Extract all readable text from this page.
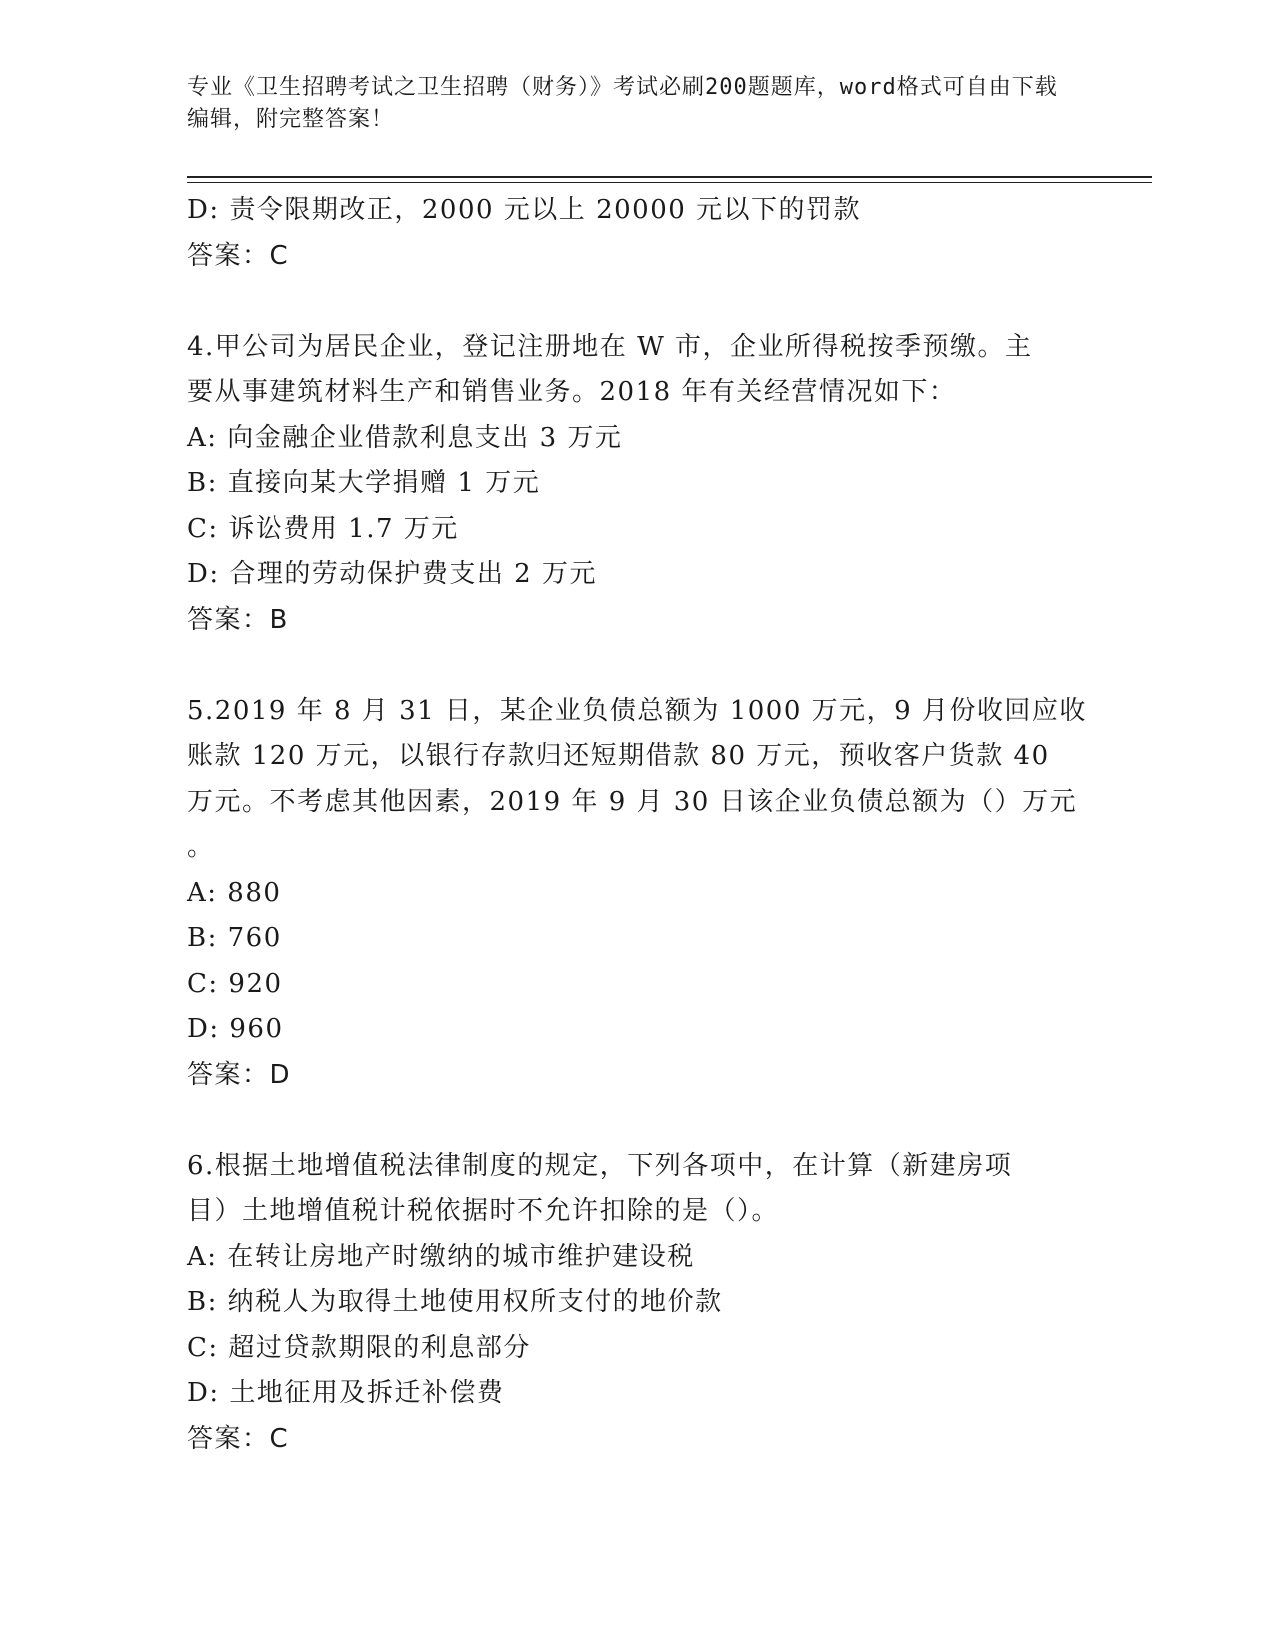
专业《卫生招聘考试之卫生招聘（财务）》考试必刷200题题库，word格式可自由下载编辑，附完整答案！
D: 责令限期改正，2000 元以上 20000 元以下的罚款
答案：C
4.甲公司为居民企业，登记注册地在 W 市，企业所得税按季预缴。主
要从事建筑材料生产和销售业务。2018 年有关经营情况如下：
A: 向金融企业借款利息支出 3 万元
B: 直接向某大学捐赠 1 万元
C: 诉讼费用 1.7 万元
D: 合理的劳动保护费支出 2 万元
答案：B
5.2019 年 8 月 31 日，某企业负债总额为 1000 万元，9 月份收回应收
账款 120 万元，以银行存款归还短期借款 80 万元，预收客户货款 40
万元。不考虑其他因素，2019 年 9 月 30 日该企业负债总额为（）万元
。
A: 880
B: 760
C: 920
D: 960
答案：D
6.根据土地增值税法律制度的规定，下列各项中，在计算（新建房项
目）土地增值税计税依据时不允许扣除的是（）。
A: 在转让房地产时缴纳的城市维护建设税
B: 纳税人为取得土地使用权所支付的地价款
C: 超过贷款期限的利息部分
D: 土地征用及拆迁补偿费
答案：C
